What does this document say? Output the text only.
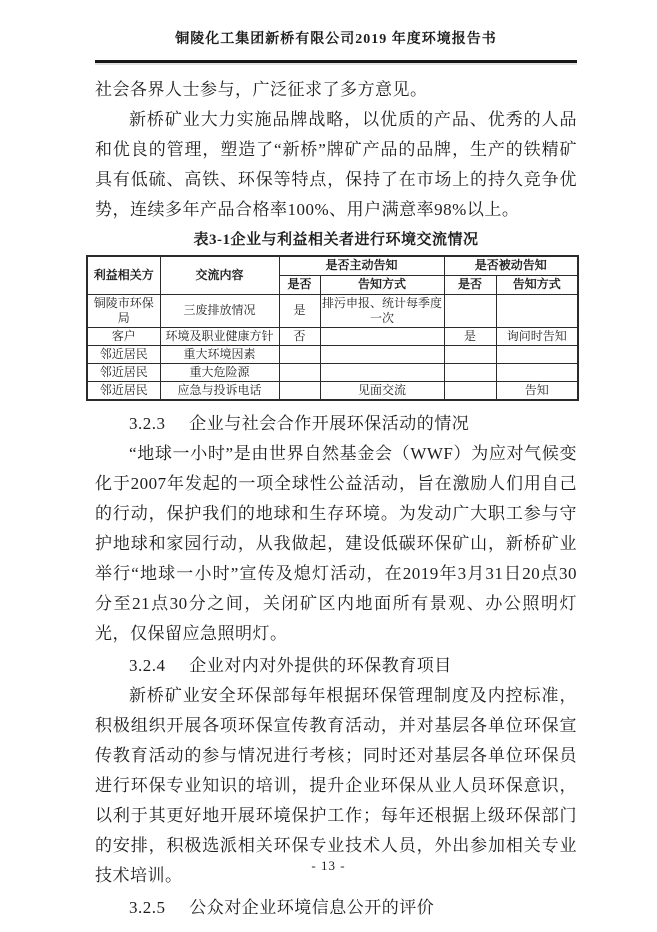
铜陵化工集团新桥有限公司2019 年度环境报告书

社会各界人士参与，广泛征求了多方意见。

新桥矿业大力实施品牌战略，以优质的产品、优秀的人品和优良的管理，塑造了“新桥”牌矿产品的品牌，生产的铁精矿具有低硫、高铁、环保等特点，保持了在市场上的持久竞争优势，连续多年产品合格率100%、用户满意率98%以上。

表3-1企业与利益相关者进行环境交流情况
利益相关方	交流内容	是否主动告知		是否被动告知	
		是否	告知方式	是否	告知方式
铜陵市环保局	三废排放情况	是	排污申报、统计每季度一次		
客户	环境及职业健康方针	否		是	询问时告知
邻近居民	重大环境因素				
邻近居民	重大危险源				
邻近居民	应急与投诉电话		见面交流		告知

3.2.3 企业与社会合作开展环保活动的情况

“地球一小时”是由世界自然基金会（WWF）为应对气候变化于2007年发起的一项全球性公益活动，旨在激励人们用自己的行动，保护我们的地球和生存环境。为发动广大职工参与守护地球和家园行动，从我做起，建设低碳环保矿山，新桥矿业举行“地球一小时”宣传及熄灯活动，在2019年3月31日20点30分至21点30分之间，关闭矿区内地面所有景观、办公照明灯光，仅保留应急照明灯。

3.2.4 企业对内对外提供的环保教育项目

新桥矿业安全环保部每年根据环保管理制度及内控标准，积极组织开展各项环保宣传教育活动，并对基层各单位环保宣传教育活动的参与情况进行考核；同时还对基层各单位环保员进行环保专业知识的培训，提升企业环保从业人员环保意识，以利于其更好地开展环境保护工作；每年还根据上级环保部门的安排，积极选派相关环保专业技术人员，外出参加相关专业技术培训。

3.2.5 公众对企业环境信息公开的评价

- 13 -
